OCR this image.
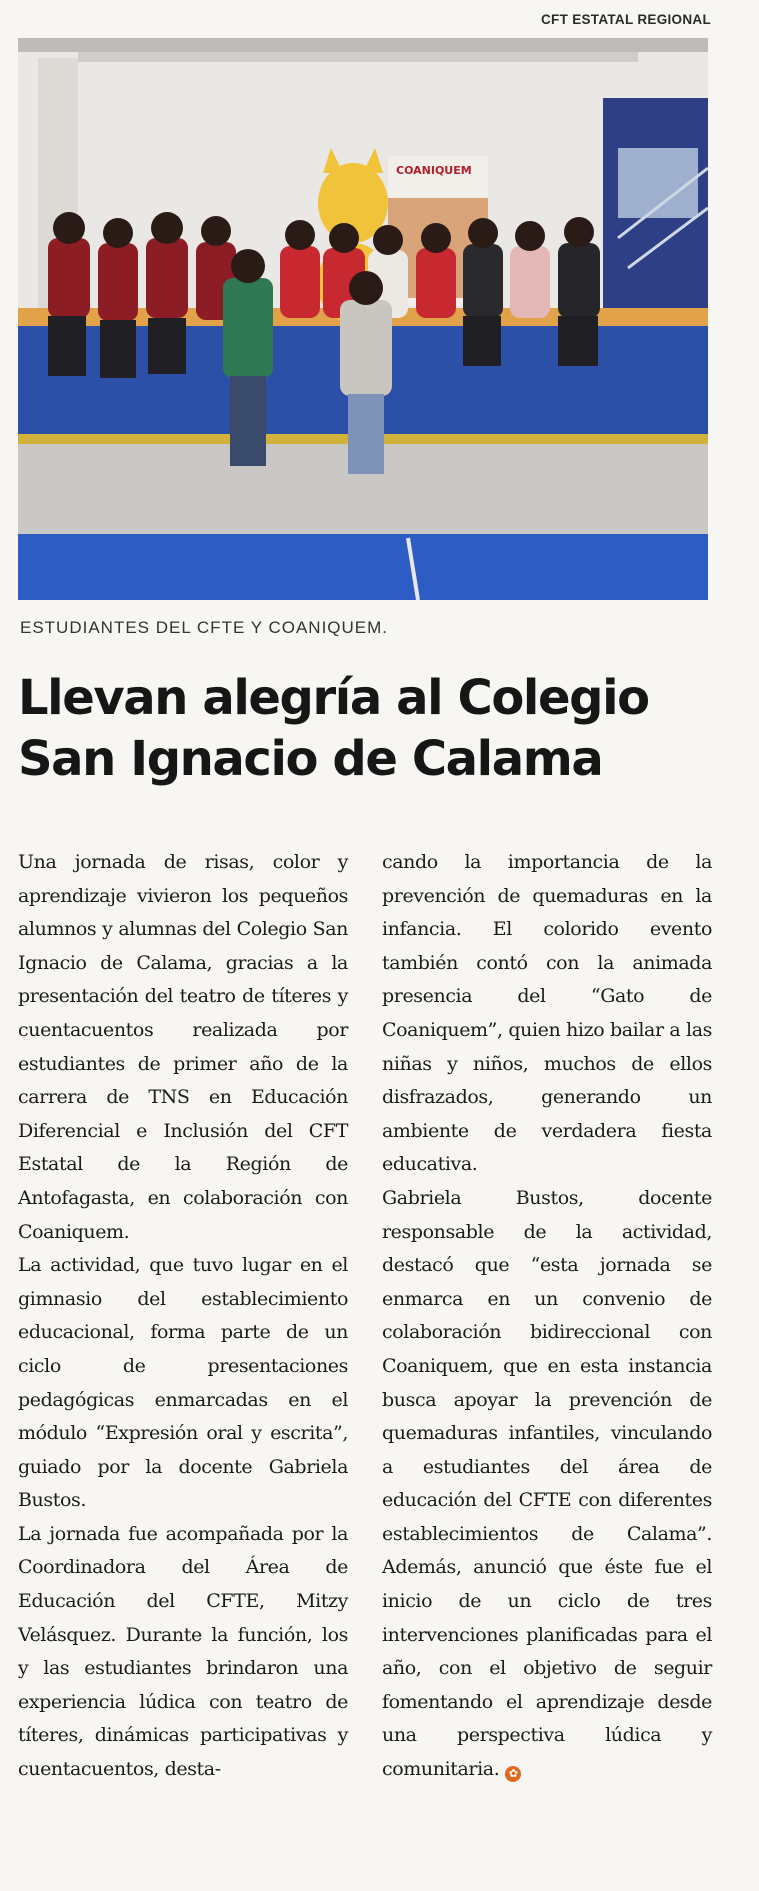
CFT ESTATAL REGIONAL
COANIQUEM
ESTUDIANTES DEL CFTE Y COANIQUEM.
Llevan alegría al Colegio
San Ignacio de Calama

Una jornada de risas, color y aprendizaje vivieron los pequeños alumnos y alumnas del Colegio San Ignacio de Calama, gracias a la presentación del teatro de títeres y cuentacuentos realizada por estudiantes de primer año de la carrera de TNS en Educación Diferencial e Inclusión del CFT Estatal de la Región de Antofagasta, en colaboración con Coaniquem.

La actividad, que tuvo lugar en el gimnasio del establecimiento educacional, forma parte de un ciclo de presentaciones pedagógicas enmarcadas en el módulo “Expresión oral y escrita”, guiado por la docente Gabriela Bustos.

La jornada fue acompañada por la Coordinadora del Área de Educación del CFTE, Mitzy Velásquez. Durante la función, los y las estudiantes brindaron una experiencia lúdica con teatro de títeres, dinámicas participativas y cuentacuentos, desta-

cando la importancia de la prevención de quemaduras en la infancia. El colorido evento también contó con la animada presencia del “Gato de Coaniquem”, quien hizo bailar a las niñas y niños, muchos de ellos disfrazados, generando un ambiente de verdadera fiesta educativa.

Gabriela Bustos, docente responsable de la actividad, destacó que “esta jornada se enmarca en un convenio de colaboración bidireccional con Coaniquem, que en esta instancia busca apoyar la prevención de quemaduras infantiles, vinculando a estudiantes del área de educación del CFTE con diferentes establecimientos de Calama”. Además, anunció que éste fue el inicio de un ciclo de tres intervenciones planificadas para el año, con el objetivo de seguir fomentando el aprendizaje desde una perspectiva lúdica y comunitaria. ✿
